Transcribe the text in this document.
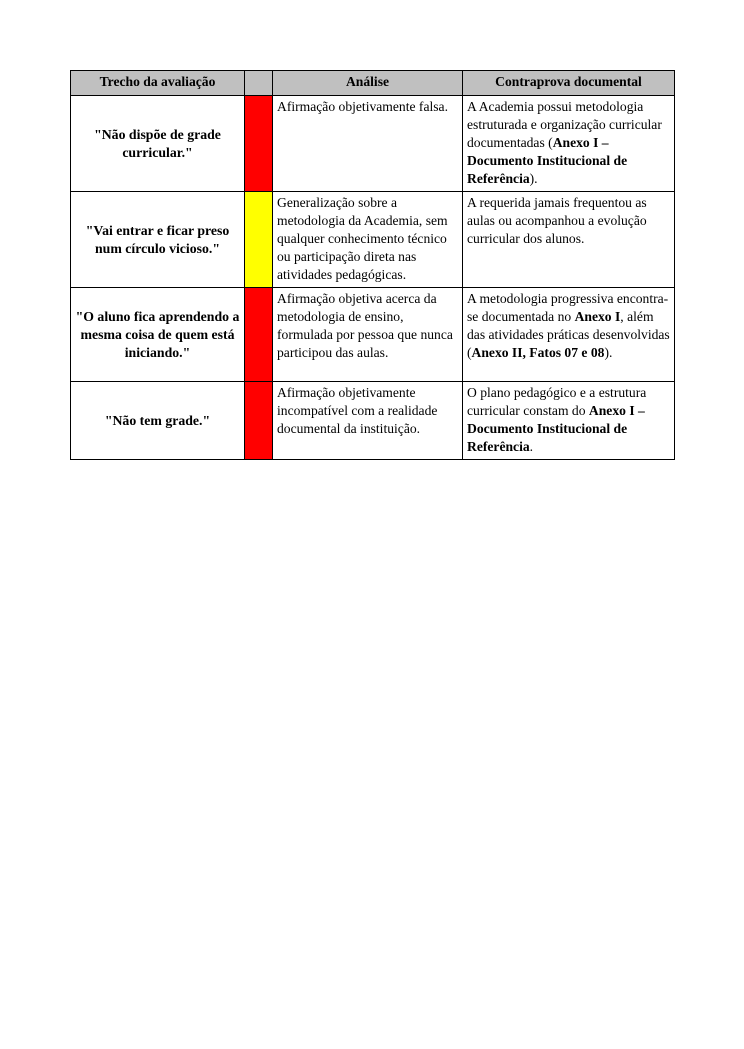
Trecho da avaliação		Análise	Contraprova documental
"Não dispõe de grade curricular."		Afirmação objetivamente falsa.	A Academia possui metodologia estruturada e organização curricular documentadas (Anexo I – Documento Institucional de Referência).
"Vai entrar e ficar preso num círculo vicioso."		Generalização sobre a metodologia da Academia, sem qualquer conhecimento técnico ou participação direta nas atividades pedagógicas.	A requerida jamais frequentou as aulas ou acompanhou a evolução curricular dos alunos.
"O aluno fica aprendendo a mesma coisa de quem está iniciando."		Afirmação objetiva acerca da metodologia de ensino, formulada por pessoa que nunca participou das aulas.	A metodologia progressiva encontra-se documentada no Anexo I, além das atividades práticas desenvolvidas (Anexo II, Fatos 07 e 08).
"Não tem grade."		Afirmação objetivamente incompatível com a realidade documental da instituição.	O plano pedagógico e a estrutura curricular constam do Anexo I – Documento Institucional de Referência.
